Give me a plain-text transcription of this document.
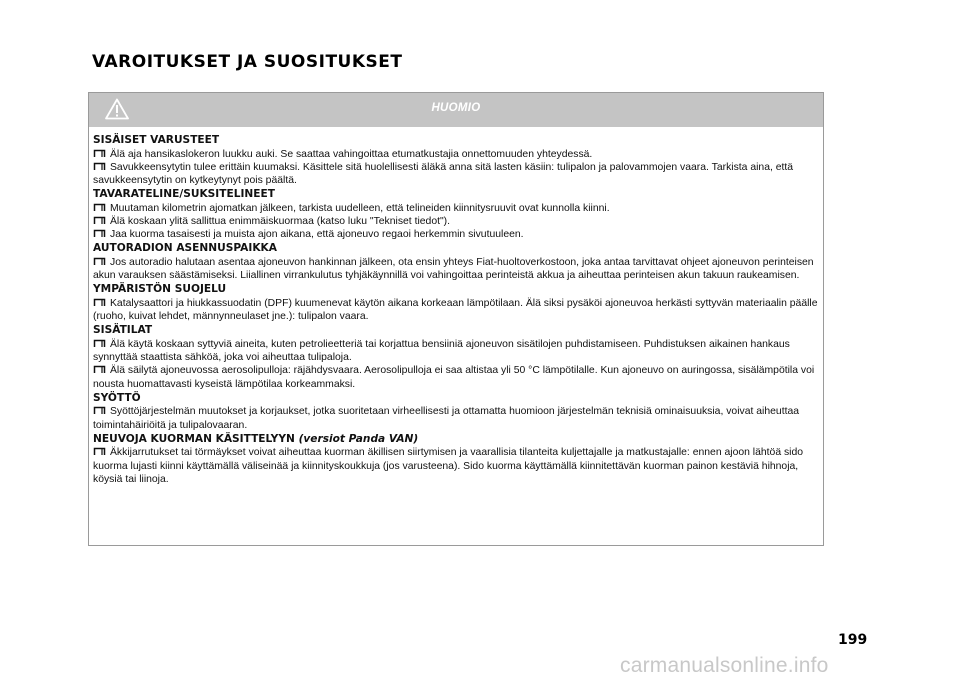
VAROITUKSET JA SUOSITUKSET
HUOMIO
SISÄISET VARUSTEET
Älä aja hansikaslokeron luukku auki. Se saattaa vahingoittaa etumatkustajia onnettomuuden yhteydessä.
Savukkeensytytin tulee erittäin kuumaksi. Käsittele sitä huolellisesti äläkä anna sitä lasten käsiin: tulipalon ja palovammojen vaara. Tarkista aina, että savukkeensytytin on kytkeytynyt pois päältä.
TAVARATELINE/SUKSITELINEET
Muutaman kilometrin ajomatkan jälkeen, tarkista uudelleen, että telineiden kiinnitysruuvit ovat kunnolla kiinni.
Älä koskaan ylitä sallittua enimmäiskuormaa (katso luku "Tekniset tiedot").
Jaa kuorma tasaisesti ja muista ajon aikana, että ajoneuvo regaoi herkemmin sivutuuleen.
AUTORADION ASENNUSPAIKKA
Jos autoradio halutaan asentaa ajoneuvon hankinnan jälkeen, ota ensin yhteys Fiat-huoltoverkostoon, joka antaa tarvittavat ohjeet ajoneuvon perinteisen akun varauksen säästämiseksi. Liiallinen virrankulutus tyhjäkäynnillä voi vahingoittaa perinteistä akkua ja aiheuttaa perinteisen akun takuun raukeamisen.
YMPÄRISTÖN SUOJELU
Katalysaattori ja hiukkassuodatin (DPF) kuumenevat käytön aikana korkeaan lämpötilaan. Älä siksi pysäköi ajoneuvoa herkästi syttyvän materiaalin päälle (ruoho, kuivat lehdet, männynneulaset jne.): tulipalon vaara.
SISÄTILAT
Älä käytä koskaan syttyviä aineita, kuten petrolieetteriä tai korjattua bensiiniä ajoneuvon sisätilojen puhdistamiseen. Puhdistuksen aikainen hankaus synnyttää staattista sähköä, joka voi aiheuttaa tulipaloja.
Älä säilytä ajoneuvossa aerosolipulloja: räjähdysvaara. Aerosolipulloja ei saa altistaa yli 50 °C lämpötilalle. Kun ajoneuvo on auringossa, sisälämpötila voi nousta huomattavasti kyseistä lämpötilaa korkeammaksi.
SYÖTTÖ
Syöttöjärjestelmän muutokset ja korjaukset, jotka suoritetaan virheellisesti ja ottamatta huomioon järjestelmän teknisiä ominaisuuksia, voivat aiheuttaa toimintahäiriöitä ja tulipalovaaran.
NEUVOJA KUORMAN KÄSITTELYYN (versiot Panda VAN)
Äkkijarrutukset tai törmäykset voivat aiheuttaa kuorman äkillisen siirtymisen ja vaarallisia tilanteita kuljettajalle ja matkustajalle: ennen ajoon lähtöä sido kuorma lujasti kiinni käyttämällä väliseinää ja kiinnityskoukkuja (jos varusteena). Sido kuorma käyttämällä kiinnitettävän kuorman painon kestäviä hihnoja, köysiä tai liinoja.
199
carmanualsonline.info
